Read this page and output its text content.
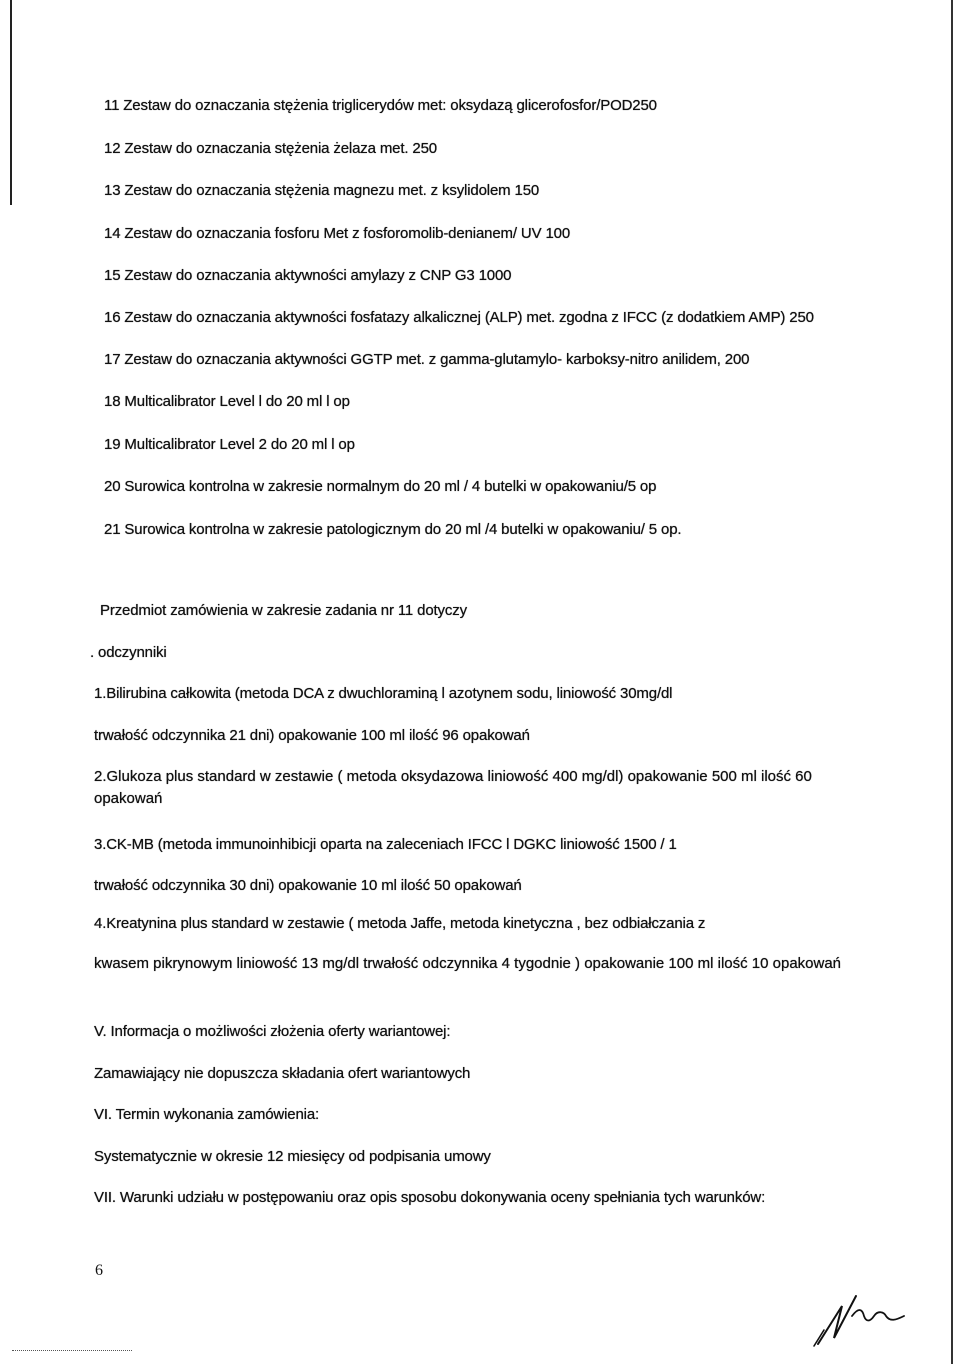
11 Zestaw do oznaczania stężenia triglicerydów met: oksydazą glicerofosfor/POD250
12 Zestaw do oznaczania stężenia żelaza met. 250
13 Zestaw do oznaczania stężenia magnezu met. z ksylidolem 150
14 Zestaw do oznaczania fosforu Met z fosforomolib-denianem/ UV 100
15 Zestaw do oznaczania aktywności amylazy z CNP G3 1000
16 Zestaw do oznaczania aktywności fosfatazy alkalicznej (ALP) met. zgodna z IFCC (z dodatkiem AMP) 250
17 Zestaw do oznaczania aktywności GGTP met. z gamma-glutamylo- karboksy-nitro anilidem, 200
18 Multicalibrator Level l do 20 ml l op
19 Multicalibrator Level 2 do 20 ml l op
20 Surowica kontrolna w zakresie normalnym do 20 ml / 4 butelki w opakowaniu/5 op
21 Surowica kontrolna w zakresie patologicznym do 20 ml /4 butelki w opakowaniu/ 5 op.
Przedmiot zamówienia w zakresie zadania nr 11 dotyczy
. odczynniki
1.Bilirubina całkowita (metoda DCA z dwuchloraminą l azotynem sodu, liniowość 30mg/dl
trwałość odczynnika 21 dni) opakowanie 100 ml ilość 96 opakowań
2.Glukoza plus standard w zestawie ( metoda oksydazowa liniowość 400 mg/dl) opakowanie 500 ml ilość 60 opakowań
3.CK-MB (metoda immunoinhibicji oparta na zaleceniach IFCC l DGKC liniowość 1500 / 1
trwałość odczynnika 30 dni) opakowanie 10 ml ilość 50 opakowań
4.Kreatynina plus standard w zestawie ( metoda Jaffe, metoda kinetyczna , bez odbiałczania z
kwasem pikrynowym liniowość 13 mg/dl trwałość odczynnika 4 tygodnie ) opakowanie 100 ml ilość 10 opakowań
V. Informacja o możliwości złożenia oferty wariantowej:
Zamawiający nie dopuszcza składania ofert wariantowych
VI. Termin wykonania zamówienia:
Systematycznie w okresie 12 miesięcy od podpisania umowy
VII. Warunki udziału w postępowaniu oraz opis sposobu dokonywania oceny spełniania tych warunków:
6
